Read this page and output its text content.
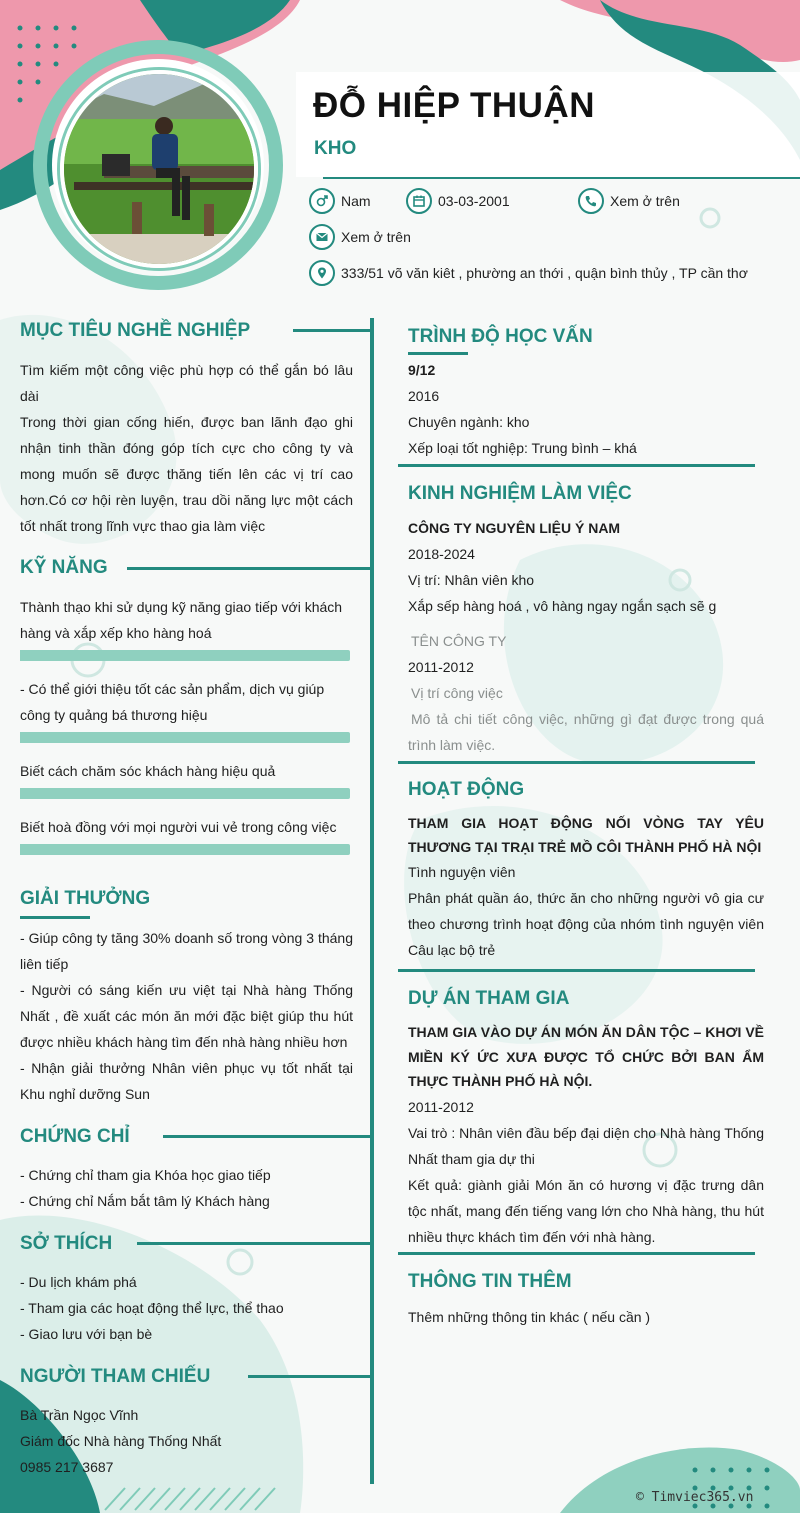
ĐỖ HIỆP THUẬN
KHO
Nam	03-03-2001	Xem ở trên
Xem ở trên
333/51 võ văn kiêt , phường an thới , quận bình thủy , TP cần thơ
MỤC TIÊU NGHỀ NGHIỆP
Tìm kiếm một công việc phù hợp có thể gắn bó lâu dài
Trong thời gian cống hiến, được ban lãnh đạo ghi nhận tinh thần đóng góp tích cực cho công ty và mong muốn sẽ được thăng tiến lên các vị trí cao hơn.Có cơ hội rèn luyện, trau dồi năng lực một cách tốt nhất trong lĩnh vực thao gia làm việc
KỸ NĂNG
Thành thạo khi sử dụng kỹ năng giao tiếp với khách hàng và xắp xếp kho hàng hoá
- Có thể giới thiệu tốt các sản phẩm, dịch vụ giúp công ty quảng bá thương hiệu
Biết cách chăm sóc khách hàng hiệu quả
Biết hoà đồng với mọi người vui vẻ trong công việc
GIẢI THƯỞNG
- Giúp công ty tăng 30% doanh số trong vòng 3 tháng liên tiếp
- Người có sáng kiến ưu việt tại Nhà hàng Thống Nhất , đề xuất các món ăn mới đặc biệt giúp thu hút được nhiều khách hàng tìm đến nhà hàng nhiều hơn
- Nhận giải thưởng Nhân viên phục vụ tốt nhất tại Khu nghỉ dưỡng Sun
CHỨNG CHỈ
- Chứng chỉ tham gia Khóa học giao tiếp
- Chứng chỉ Nắm bắt tâm lý Khách hàng
SỞ THÍCH
- Du lịch khám phá
- Tham gia các hoạt động thể lực, thể thao
- Giao lưu với bạn bè
NGƯỜI THAM CHIẾU
Bà Trần Ngọc Vĩnh
Giám đốc Nhà hàng Thống Nhất
0985 217 3687
TRÌNH ĐỘ HỌC VẤN
9/12
2016
Chuyên ngành: kho
Xếp loại tốt nghiệp: Trung bình – khá
KINH NGHIỆM LÀM VIỆC
CÔNG TY NGUYÊN LIỆU Ý NAM
2018-2024
Vị trí: Nhân viên kho
Xắp sếp hàng hoá , vô hàng ngay ngắn sạch sẽ g
TÊN CÔNG TY
2011-2012
Vị trí công việc
Mô tả chi tiết công việc, những gì đạt được trong quá trình làm việc.
HOẠT ĐỘNG
THAM GIA HOẠT ĐỘNG NỐI VÒNG TAY YÊU THƯƠNG TẠI TRẠI TRẺ MỒ CÔI THÀNH PHỐ HÀ NỘI
Tình nguyện viên
Phân phát quần áo, thức ăn cho những người vô gia cư theo chương trình hoạt động của nhóm tình nguyện viên Câu lạc bộ trẻ
DỰ ÁN THAM GIA
THAM GIA VÀO DỰ ÁN MÓN ĂN DÂN TỘC – KHƠI VỀ MIỀN KÝ ỨC XƯA ĐƯỢC TỔ CHỨC BỞI BAN ẨM THỰC THÀNH PHỐ HÀ NỘI.
2011-2012
Vai trò : Nhân viên đầu bếp đại diện cho Nhà hàng Thống Nhất tham gia dự thi
Kết quả: giành giải Món ăn có hương vị đặc trưng dân tộc nhất, mang đến tiếng vang lớn cho Nhà hàng, thu hút nhiều thực khách tìm đến với nhà hàng.
THÔNG TIN THÊM
Thêm những thông tin khác ( nếu cần )
© Timviec365.vn
